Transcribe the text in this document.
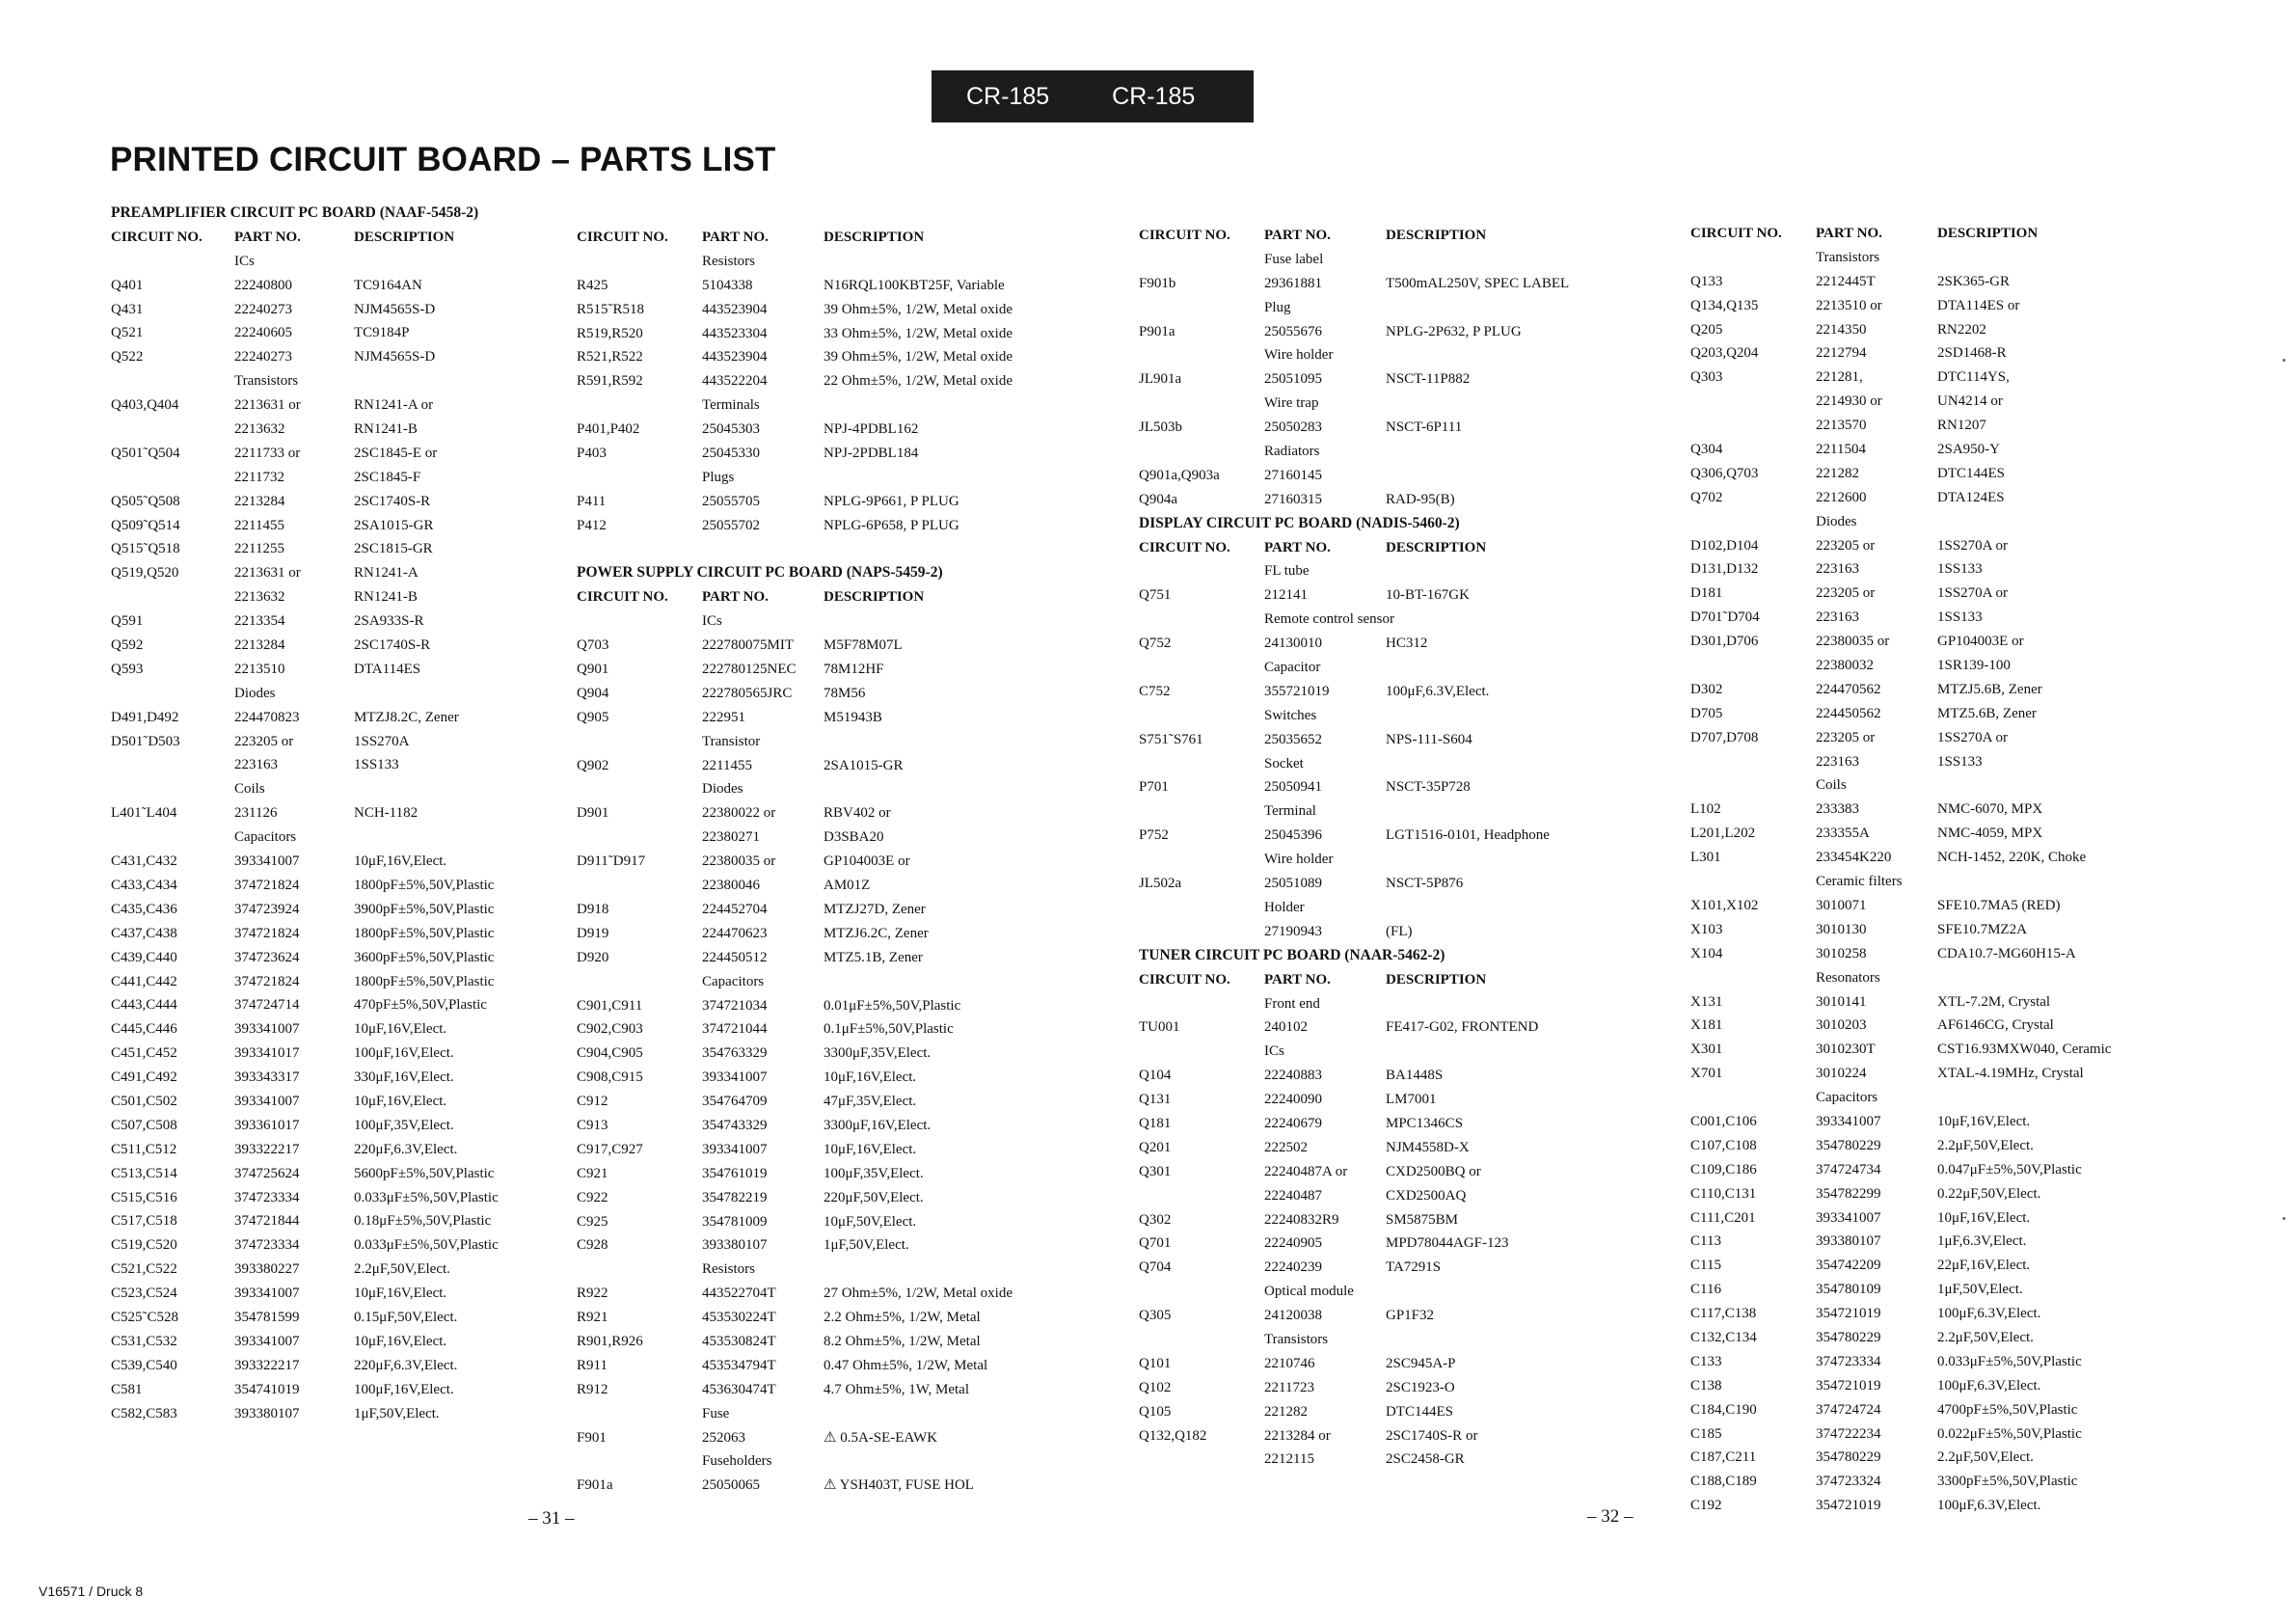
CR-185	CR-185
PRINTED CIRCUIT BOARD – PARTS LIST
PREAMPLIFIER CIRCUIT PC BOARD (NAAF-5458-2)
CIRCUIT NO. PART NO.	DESCRIPTION
ICs
Q401	22240800	TC9164AN
Q431	22240273	NJM4565S-D
Q521	22240605	TC9184P
Q522	22240273	NJM4565S-D
Transistors
Q403,Q404	2213631 or	RN1241-A or
2213632	RN1241-B
Q501˜Q504	2211733 or	2SC1845-E or
2211732	2SC1845-F
Q505˜Q508	2213284	2SC1740S-R
Q509˜Q514	2211455	2SA1015-GR
Q515˜Q518	2211255	2SC1815-GR
Q519,Q520	2213631 or	RN1241-A
2213632	RN1241-B
Q591	2213354	2SA933S-R
Q592	2213284	2SC1740S-R
Q593	2213510	DTA114ES
Diodes
D491,D492	224470823	MTZJ8.2C, Zener
D501˜D503	223205 or	1SS270A
223163	1SS133
Coils
L401˜L404	231126	NCH-1182
Capacitors
C431,C432	393341007	10μF,16V,Elect.
C433,C434	374721824	1800pF±5%,50V,Plastic
C435,C436	374723924	3900pF±5%,50V,Plastic
C437,C438	374721824	1800pF±5%,50V,Plastic
C439,C440	374723624	3600pF±5%,50V,Plastic
C441,C442	374721824	1800pF±5%,50V,Plastic
C443,C444	374724714	470pF±5%,50V,Plastic
C445,C446	393341007	10μF,16V,Elect.
C451,C452	393341017	100μF,16V,Elect.
C491,C492	393343317	330μF,16V,Elect.
C501,C502	393341007	10μF,16V,Elect.
C507,C508	393361017	100μF,35V,Elect.
C511,C512	393322217	220μF,6.3V,Elect.
C513,C514	374725624	5600pF±5%,50V,Plastic
C515,C516	374723334	0.033μF±5%,50V,Plastic
C517,C518	374721844	0.18μF±5%,50V,Plastic
C519,C520	374723334	0.033μF±5%,50V,Plastic
C521,C522	393380227	2.2μF,50V,Elect.
C523,C524	393341007	10μF,16V,Elect.
C525˜C528	354781599	0.15μF,50V,Elect.
C531,C532	393341007	10μF,16V,Elect.
C539,C540	393322217	220μF,6.3V,Elect.
C581	354741019	100μF,16V,Elect.
C582,C583	393380107	1μF,50V,Elect.
CIRCUIT NO. PART NO.	DESCRIPTION
Resistors
R425	5104338	N16RQL100KBT25F, Variable
R515˜R518	443523904	39 Ohm±5%, 1/2W, Metal oxide
R519,R520	443523304	33 Ohm±5%, 1/2W, Metal oxide
R521,R522	443523904	39 Ohm±5%, 1/2W, Metal oxide
R591,R592	443522204	22 Ohm±5%, 1/2W, Metal oxide
Terminals
P401,P402	25045303	NPJ-4PDBL162
P403	25045330	NPJ-2PDBL184
Plugs
P411	25055705	NPLG-9P661, P PLUG
P412	25055702	NPLG-6P658, P PLUG
POWER SUPPLY CIRCUIT PC BOARD (NAPS-5459-2)
CIRCUIT NO. PART NO.	DESCRIPTION
ICs
Q703	222780075MIT M5F78M07L
Q901	222780125NEC 78M12HF
Q904	222780565JRC 78M56
Q905	222951	M51943B
Transistor
Q902	2211455	2SA1015-GR
Diodes
D901	22380022 or	RBV402 or
22380271	D3SBA20
D911˜D917	22380035 or	GP104003E or
22380046	AM01Z
D918	224452704	MTZJ27D, Zener
D919	224470623	MTZJ6.2C, Zener
D920	224450512	MTZ5.1B, Zener
Capacitors
C901,C911	374721034	0.01μF±5%,50V,Plastic
C902,C903	374721044	0.1μF±5%,50V,Plastic
C904,C905	354763329	3300μF,35V,Elect.
C908,C915	393341007	10μF,16V,Elect.
C912	354764709	47μF,35V,Elect.
C913	354743329	3300μF,16V,Elect.
C917,C927	393341007	10μF,16V,Elect.
C921	354761019	100μF,35V,Elect.
C922	354782219	220μF,50V,Elect.
C925	354781009	10μF,50V,Elect.
C928	393380107	1μF,50V,Elect.
Resistors
R922	443522704T	27 Ohm±5%, 1/2W, Metal oxide
R921	453530224T	2.2 Ohm±5%, 1/2W, Metal
R901,R926	453530824T	8.2 Ohm±5%, 1/2W, Metal
R911	453534794T	0.47 Ohm±5%, 1/2W, Metal
R912	453630474T	4.7 Ohm±5%, 1W, Metal
Fuse
F901	252063	⚠ 0.5A-SE-EAWK
Fuseholders
F901a	25050065	⚠ YSH403T, FUSE HOL
CIRCUIT NO. PART NO.	DESCRIPTION
Fuse label
F901b	29361881	T500mAL250V, SPEC LABEL
Plug
P901a	25055676	NPLG-2P632, P PLUG
Wire holder
JL901a	25051095	NSCT-11P882
Wire trap
JL503b	25050283	NSCT-6P111
Radiators
Q901a,Q903a	27160145
Q904a	27160315	RAD-95(B)
DISPLAY CIRCUIT PC BOARD (NADIS-5460-2)
CIRCUIT NO. PART NO.	DESCRIPTION
FL tube
Q751	212141	10-BT-167GK
Remote control sensor
Q752	24130010	HC312
Capacitor
C752	355721019	100μF,6.3V,Elect.
Switches
S751˜S761	25035652	NPS-111-S604
Socket
P701	25050941	NSCT-35P728
Terminal
P752	25045396	LGT1516-0101, Headphone
Wire holder
JL502a	25051089	NSCT-5P876
Holder
27190943	(FL)
TUNER CIRCUIT PC BOARD (NAAR-5462-2)
CIRCUIT NO. PART NO.	DESCRIPTION
Front end
TU001	240102	FE417-G02, FRONTEND
ICs
Q104	22240883	BA1448S
Q131	22240090	LM7001
Q181	22240679	MPC1346CS
Q201	222502	NJM4558D-X
Q301	22240487A or	CXD2500BQ or
22240487	CXD2500AQ
Q302	22240832R9	SM5875BM
Q701	22240905	MPD78044AGF-123
Q704	22240239	TA7291S
Optical module
Q305	24120038	GP1F32
Transistors
Q101	2210746	2SC945A-P
Q102	2211723	2SC1923-O
Q105	221282	DTC144ES
Q132,Q182	2213284 or	2SC1740S-R or
2212115	2SC2458-GR
CIRCUIT NO. PART NO.	DESCRIPTION
Transistors
Q133	2212445T	2SK365-GR
Q134,Q135	2213510 or	DTA114ES or
Q205	2214350	RN2202
Q203,Q204	2212794	2SD1468-R
Q303	221281,	DTC114YS,
2214930 or	UN4214 or
2213570	RN1207
Q304	2211504	2SA950-Y
Q306,Q703	221282	DTC144ES
Q702	2212600	DTA124ES
Diodes
D102,D104	223205 or	1SS270A or
D131,D132	223163	1SS133
D181	223205 or	1SS270A or
D701˜D704	223163	1SS133
D301,D706	22380035 or	GP104003E or
22380032	1SR139-100
D302	224470562	MTZJ5.6B, Zener
D705	224450562	MTZ5.6B, Zener
D707,D708	223205 or	1SS270A or
223163	1SS133
Coils
L102	233383	NMC-6070, MPX
L201,L202	233355A	NMC-4059, MPX
L301	233454K220	NCH-1452, 220K, Choke
Ceramic filters
X101,X102	3010071	SFE10.7MA5 (RED)
X103	3010130	SFE10.7MZ2A
X104	3010258	CDA10.7-MG60H15-A
Resonators
X131	3010141	XTL-7.2M, Crystal
X181	3010203	AF6146CG, Crystal
X301	3010230T	CST16.93MXW040, Ceramic
X701	3010224	XTAL-4.19MHz, Crystal
Capacitors
C001,C106	393341007	10μF,16V,Elect.
C107,C108	354780229	2.2μF,50V,Elect.
C109,C186	374724734	0.047μF±5%,50V,Plastic
C110,C131	354782299	0.22μF,50V,Elect.
C111,C201	393341007	10μF,16V,Elect.
C113	393380107	1μF,6.3V,Elect.
C115	354742209	22μF,16V,Elect.
C116	354780109	1μF,50V,Elect.
C117,C138	354721019	100μF,6.3V,Elect.
C132,C134	354780229	2.2μF,50V,Elect.
C133	374723334	0.033μF±5%,50V,Plastic
C138	354721019	100μF,6.3V,Elect.
C184,C190	374724724	4700pF±5%,50V,Plastic
C185	374722234	0.022μF±5%,50V,Plastic
C187,C211	354780229	2.2μF,50V,Elect.
C188,C189	374723324	3300pF±5%,50V,Plastic
C192	354721019	100μF,6.3V,Elect.
– 31 –	– 32 –
V16571 / Druck 8
